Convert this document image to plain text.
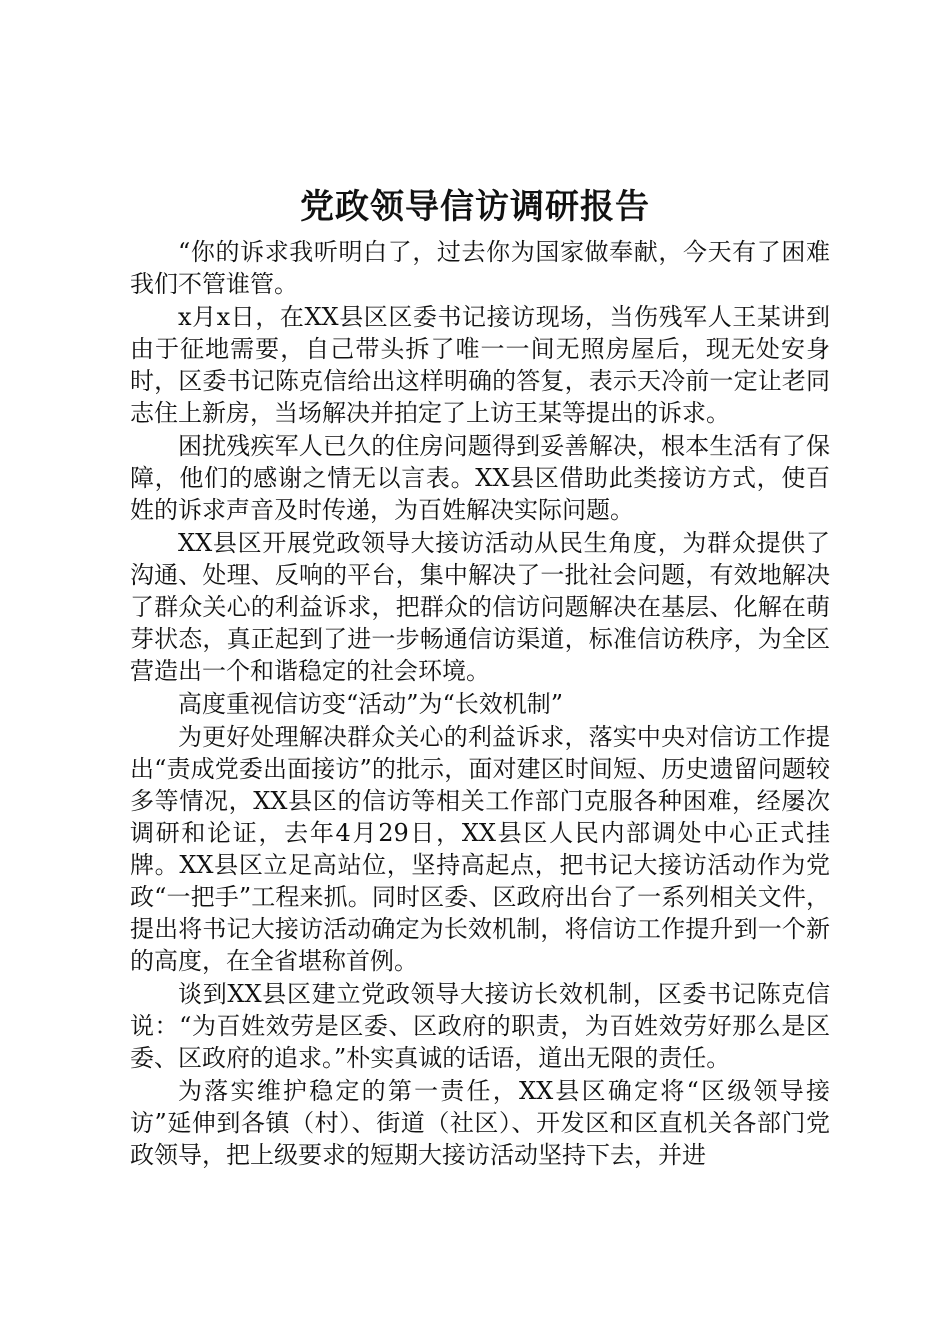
党政领导信访调研报告

“你的诉求我听明白了，过去你为国家做奉献，今天有了困难我们不管谁管。

x月x日，在XX县区区委书记接访现场，当伤残军人王某讲到由于征地需要，自己带头拆了唯一一间无照房屋后，现无处安身时，区委书记陈克信给出这样明确的答复，表示天冷前一定让老同志住上新房，当场解决并拍定了上访王某等提出的诉求。

困扰残疾军人已久的住房问题得到妥善解决，根本生活有了保障，他们的感谢之情无以言表。XX县区借助此类接访方式，使百姓的诉求声音及时传递，为百姓解决实际问题。

XX县区开展党政领导大接访活动从民生角度，为群众提供了沟通、处理、反响的平台，集中解决了一批社会问题，有效地解决了群众关心的利益诉求，把群众的信访问题解决在基层、化解在萌芽状态，真正起到了进一步畅通信访渠道，标准信访秩序，为全区营造出一个和谐稳定的社会环境。

高度重视信访变“活动”为“长效机制”

为更好处理解决群众关心的利益诉求，落实中央对信访工作提出“责成党委出面接访”的批示，面对建区时间短、历史遗留问题较多等情况，XX县区的信访等相关工作部门克服各种困难，经屡次调研和论证，去年4月29日，XX县区人民内部调处中心正式挂牌。XX县区立足高站位，坚持高起点，把书记大接访活动作为党政“一把手”工程来抓。同时区委、区政府出台了一系列相关文件，提出将书记大接访活动确定为长效机制，将信访工作提升到一个新的高度，在全省堪称首例。

谈到XX县区建立党政领导大接访长效机制，区委书记陈克信说：“为百姓效劳是区委、区政府的职责，为百姓效劳好那么是区委、区政府的追求。”朴实真诚的话语，道出无限的责任。

为落实维护稳定的第一责任，XX县区确定将“区级领导接访”延伸到各镇（村）、街道（社区）、开发区和区直机关各部门党政领导，把上级要求的短期大接访活动坚持下去，并进
